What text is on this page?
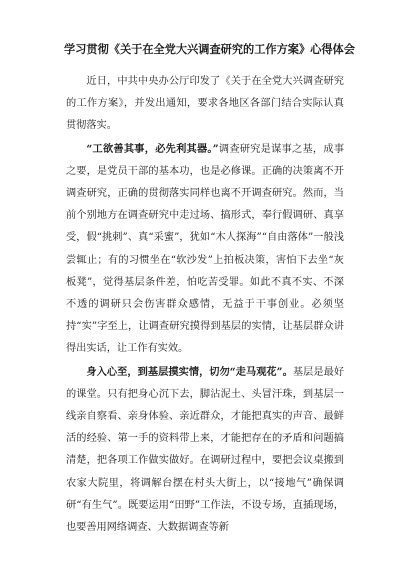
学习贯彻《关于在全党大兴调查研究的工作方案》心得体会

近日，中共中央办公厅印发了《关于在全党大兴调查研究的工作方案》，并发出通知，要求各地区各部门结合实际认真贯彻落实。

“工欲善其事，必先利其器。”调查研究是谋事之基，成事之要，是党员干部的基本功，也是必修课。正确的决策离不开调查研究，正确的贯彻落实同样也离不开调查研究。然而，当前个别地方在调查研究中走过场、搞形式，奉行假调研、真享受，假“挑刺”、真“采蜜”，犹如“木人探海”“自由落体”一般浅尝辄止；有的习惯坐在“软沙发”上拍板决策，害怕下去坐“灰板凳”，觉得基层条件差，怕吃苦受罪。如此不真不实、不深不透的调研只会伤害群众感情，无益于干事创业。必须坚持“实”字至上，让调查研究摸得到基层的实情，让基层群众讲得出实话，让工作有实效。

身入心至，到基层摸实情，切勿“走马观花”。基层是最好的课堂。只有把身心沉下去，脚沾泥土、头冒汗珠，到基层一线亲自察看、亲身体验、亲近群众，才能把真实的声音、最鲜活的经验、第一手的资料带上来，才能把存在的矛盾和问题搞清楚，把各项工作做实做好。在调研过程中，要把会议桌搬到农家大院里，将调解台摆在村头大街上，以“接地气”确保调研“有生气”。既要运用“田野”工作法，不设专场，直插现场，也要善用网络调查、大数据调查等新
